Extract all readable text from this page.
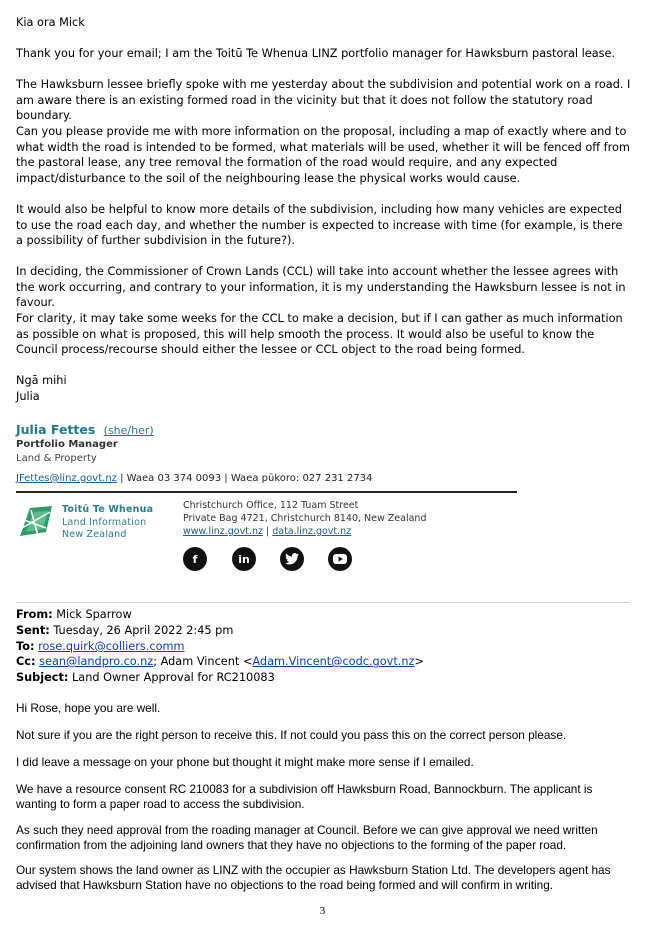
Kia ora Mick
Thank you for your email; I am the Toitū Te Whenua LINZ portfolio manager for Hawksburn pastoral lease.
The Hawksburn lessee briefly spoke with me yesterday about the subdivision and potential work on a road. I am aware there is an existing formed road in the vicinity but that it does not follow the statutory road boundary.
Can you please provide me with more information on the proposal, including a map of exactly where and to what width the road is intended to be formed, what materials will be used, whether it will be fenced off from the pastoral lease, any tree removal the formation of the road would require, and any expected impact/disturbance to the soil of the neighbouring lease the physical works would cause.
It would also be helpful to know more details of the subdivision, including how many vehicles are expected to use the road each day, and whether the number is expected to increase with time (for example, is there a possibility of further subdivision in the future?).
In deciding, the Commissioner of Crown Lands (CCL) will take into account whether the lessee agrees with the work occurring, and contrary to your information, it is my understanding the Hawksburn lessee is not in favour.
For clarity, it may take some weeks for the CCL to make a decision, but if I can gather as much information as possible on what is proposed, this will help smooth the process. It would also be useful to know the Council process/recourse should either the lessee or CCL object to the road being formed.
Ngā mihi
Julia
Julia Fettes (she/her)
Portfolio Manager
Land & Property
JFettes@linz.govt.nz | Waea 03 374 0093 | Waea pūkoro: 027 231 2734
Toitū Te Whenua
Land Information
New Zealand
Christchurch Office, 112 Tuam Street
Private Bag 4721, Christchurch 8140, New Zealand
www.linz.govt.nz | data.linz.govt.nz
f	in
From: Mick Sparrow
Sent: Tuesday, 26 April 2022 2:45 pm
To: rose.quirk@colliers.comm
Cc: sean@landpro.co.nz; Adam Vincent <Adam.Vincent@codc.govt.nz>
Subject: Land Owner Approval for RC210083
Hi Rose, hope you are well.
Not sure if you are the right person to receive this. If not could you pass this on the correct person please.
I did leave a message on your phone but thought it might make more sense if I emailed.
We have a resource consent RC 210083 for a subdivision off Hawksburn Road, Bannockburn. The applicant is wanting to form a paper road to access the subdivision.
As such they need approval from the roading manager at Council. Before we can give approval we need written confirmation from the adjoining land owners that they have no objections to the forming of the paper road.
Our system shows the land owner as LINZ with the occupier as Hawksburn Station Ltd. The developers agent has advised that Hawksburn Station have no objections to the road being formed and will confirm in writing.
3
